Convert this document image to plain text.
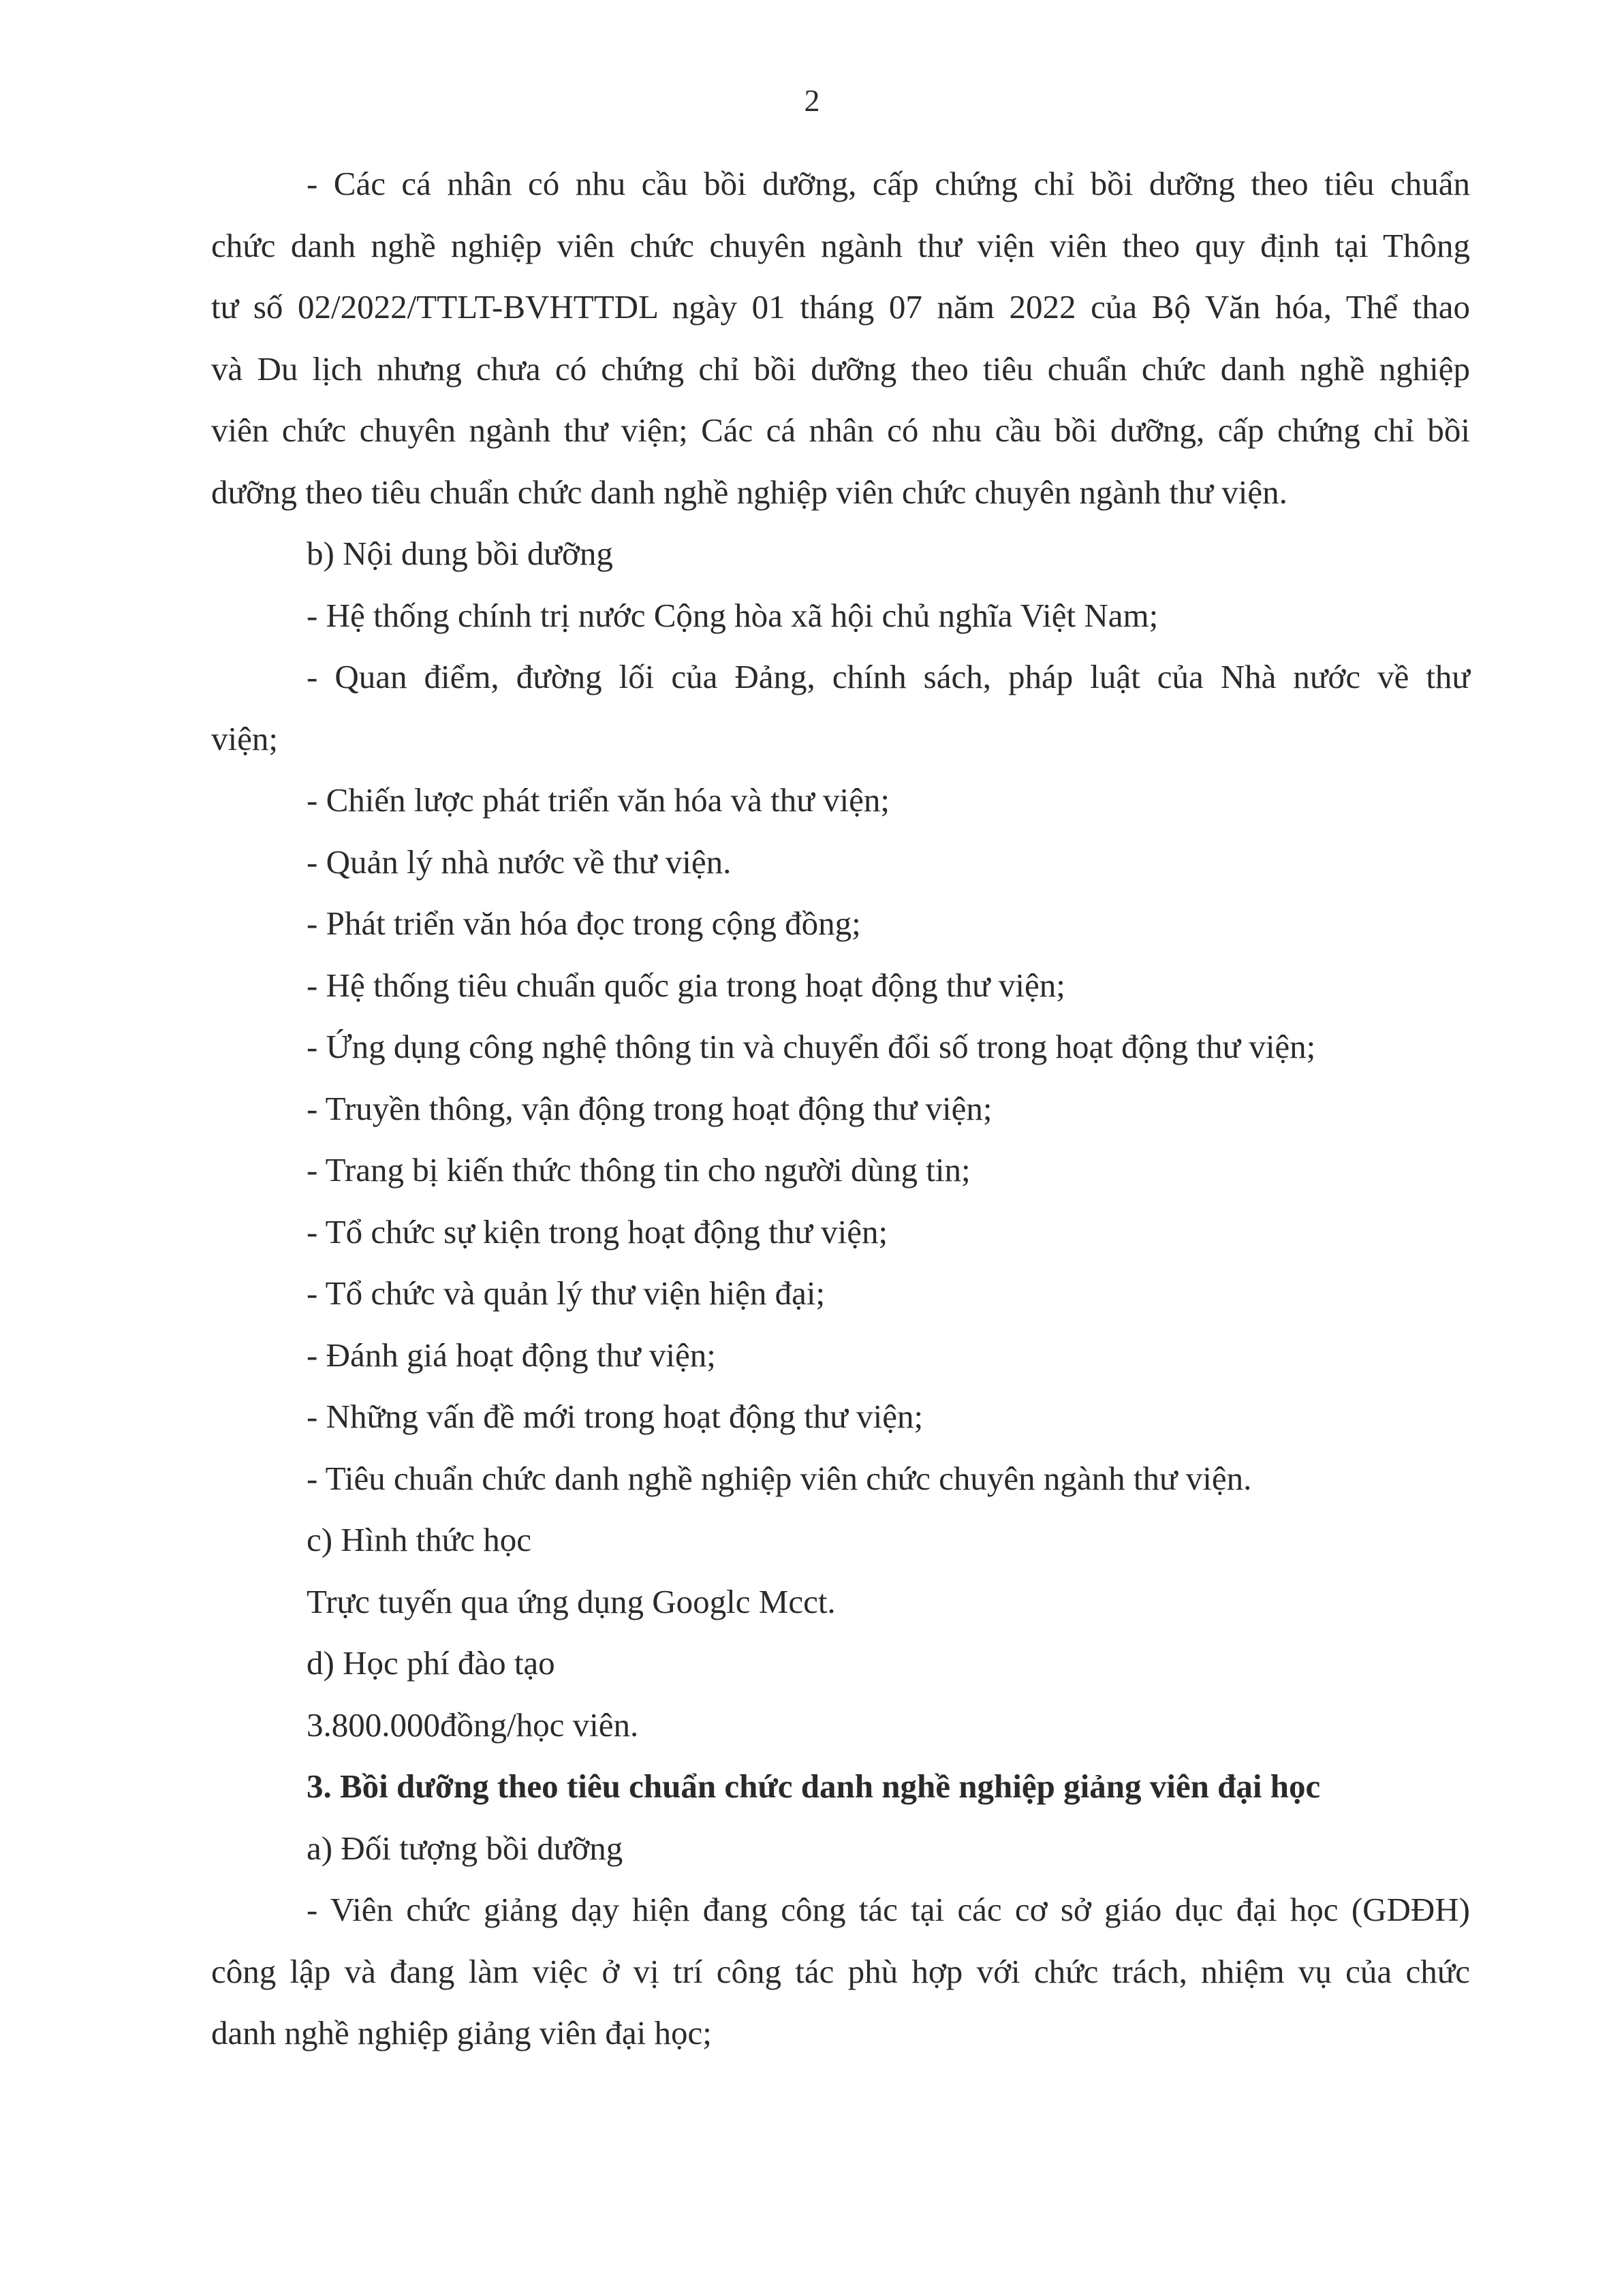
2

- Các cá nhân có nhu cầu bồi dưỡng, cấp chứng chỉ bồi dưỡng theo tiêu chuẩn

chức danh nghề nghiệp viên chức chuyên ngành thư viện viên theo quy định tại Thông

tư số 02/2022/TTLT-BVHTTDL ngày 01 tháng 07 năm 2022 của Bộ Văn hóa, Thể thao

và Du lịch nhưng chưa có chứng chỉ bồi dưỡng theo tiêu chuẩn chức danh nghề nghiệp

viên chức chuyên ngành thư viện; Các cá nhân có nhu cầu bồi dưỡng, cấp chứng chỉ bồi

dưỡng theo tiêu chuẩn chức danh nghề nghiệp viên chức chuyên ngành thư viện.

b) Nội dung bồi dưỡng

- Hệ thống chính trị nước Cộng hòa xã hội chủ nghĩa Việt Nam;

- Quan điểm, đường lối của Đảng, chính sách, pháp luật của Nhà nước về thư

viện;

- Chiến lược phát triển văn hóa và thư viện;

- Quản lý nhà nước về thư viện.

- Phát triển văn hóa đọc trong cộng đồng;

- Hệ thống tiêu chuẩn quốc gia trong hoạt động thư viện;

- Ứng dụng công nghệ thông tin và chuyển đổi số trong hoạt động thư viện;

- Truyền thông, vận động trong hoạt động thư viện;

- Trang bị kiến thức thông tin cho người dùng tin;

- Tổ chức sự kiện trong hoạt động thư viện;

- Tổ chức và quản lý thư viện hiện đại;

- Đánh giá hoạt động thư viện;

- Những vấn đề mới trong hoạt động thư viện;

- Tiêu chuẩn chức danh nghề nghiệp viên chức chuyên ngành thư viện.

c) Hình thức học

Trực tuyến qua ứng dụng Googlc Mcct.

d) Học phí đào tạo

3.800.000đồng/học viên.

3. Bồi dưỡng theo tiêu chuẩn chức danh nghề nghiệp giảng viên đại học

a) Đối tượng bồi dưỡng

- Viên chức giảng dạy hiện đang công tác tại các cơ sở giáo dục đại học (GDĐH)

công lập và đang làm việc ở vị trí công tác phù hợp với chức trách, nhiệm vụ của chức

danh nghề nghiệp giảng viên đại học;
